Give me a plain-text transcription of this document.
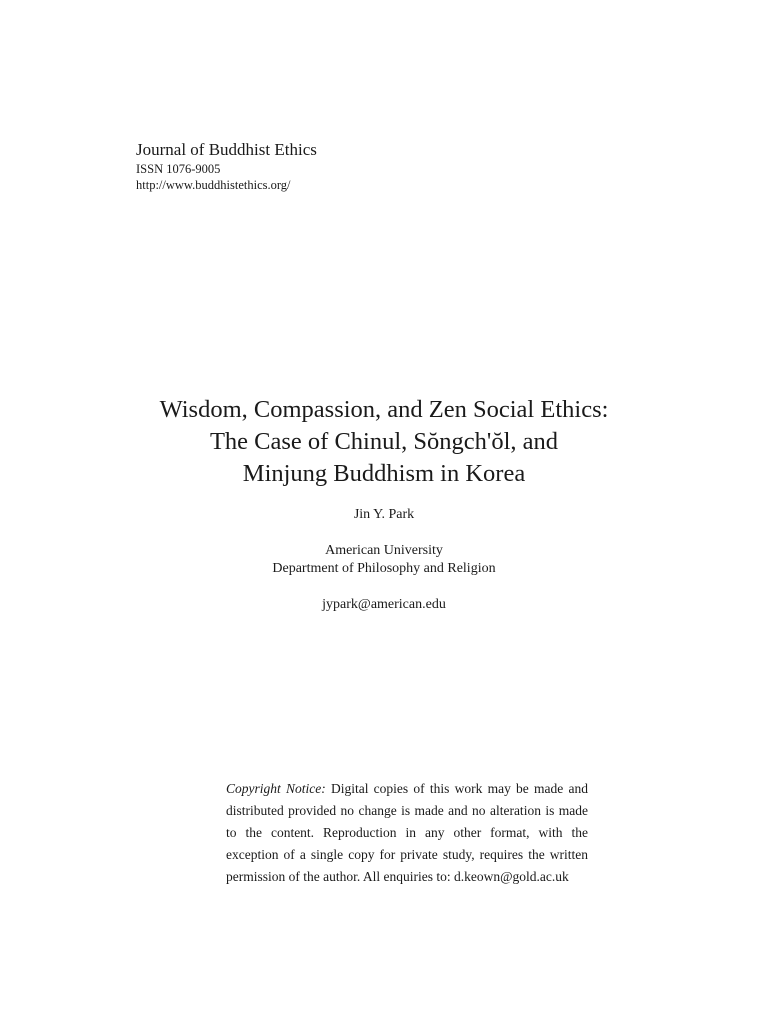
Journal of Buddhist Ethics
ISSN 1076-9005
http://www.buddhistethics.org/
Wisdom, Compassion, and Zen Social Ethics:
The Case of Chinul, Sŏngch'ŏl, and
Minjung Buddhism in Korea
Jin Y. Park
American University
Department of Philosophy and Religion
jypark@american.edu
Copyright Notice: Digital copies of this work may be made and distributed provided no change is made and no alteration is made to the content. Reproduction in any other format, with the exception of a single copy for private study, requires the written permission of the author. All enquiries to: d.keown@gold.ac.uk
